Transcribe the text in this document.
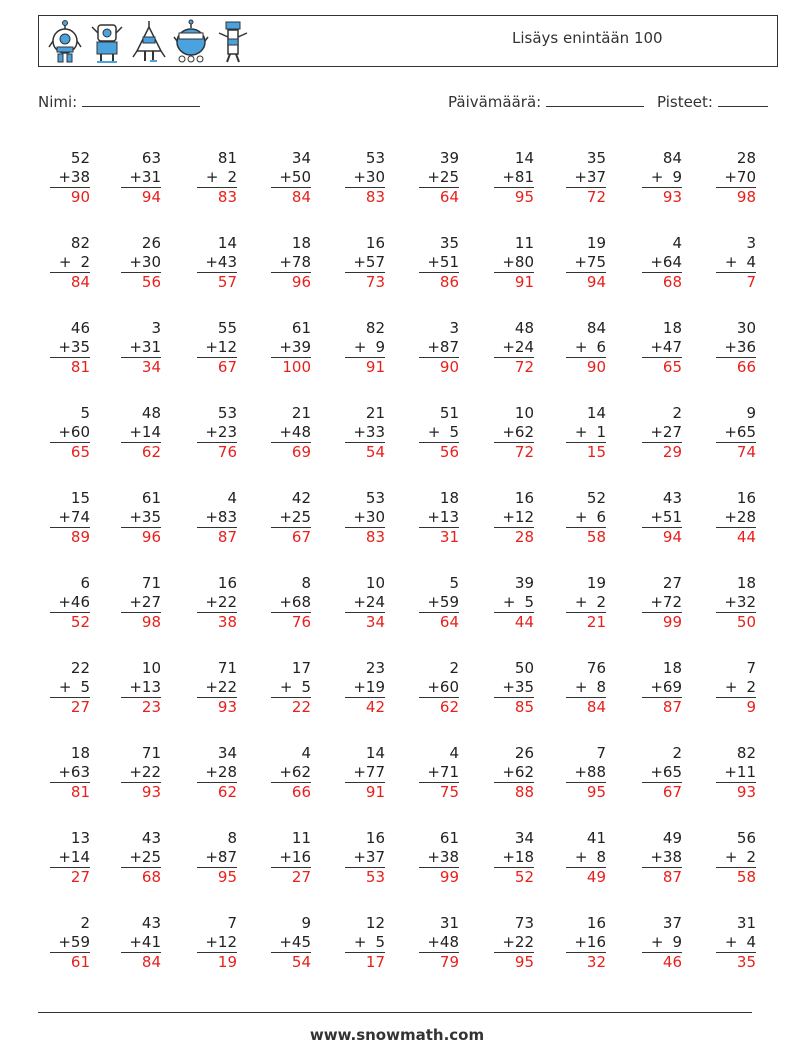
Lisäys enintään 100
Nimi:	Päivämäärä:	Pisteet:
52
+38
90
63
+31
94
81
+ 2
83
34
+50
84
53
+30
83
39
+25
64
14
+81
95
35
+37
72
84
+ 9
93
28
+70
98
82
+ 2
84
26
+30
56
14
+43
57
18
+78
96
16
+57
73
35
+51
86
11
+80
91
19
+75
94
4
+64
68
3
+ 4
7
46
+35
81
3
+31
34
55
+12
67
61
+39
100
82
+ 9
91
3
+87
90
48
+24
72
84
+ 6
90
18
+47
65
30
+36
66
5
+60
65
48
+14
62
53
+23
76
21
+48
69
21
+33
54
51
+ 5
56
10
+62
72
14
+ 1
15
2
+27
29
9
+65
74
15
+74
89
61
+35
96
4
+83
87
42
+25
67
53
+30
83
18
+13
31
16
+12
28
52
+ 6
58
43
+51
94
16
+28
44
6
+46
52
71
+27
98
16
+22
38
8
+68
76
10
+24
34
5
+59
64
39
+ 5
44
19
+ 2
21
27
+72
99
18
+32
50
22
+ 5
27
10
+13
23
71
+22
93
17
+ 5
22
23
+19
42
2
+60
62
50
+35
85
76
+ 8
84
18
+69
87
7
+ 2
9
18
+63
81
71
+22
93
34
+28
62
4
+62
66
14
+77
91
4
+71
75
26
+62
88
7
+88
95
2
+65
67
82
+11
93
13
+14
27
43
+25
68
8
+87
95
11
+16
27
16
+37
53
61
+38
99
34
+18
52
41
+ 8
49
49
+38
87
56
+ 2
58
2
+59
61
43
+41
84
7
+12
19
9
+45
54
12
+ 5
17
31
+48
79
73
+22
95
16
+16
32
37
+ 9
46
31
+ 4
35
www.snowmath.com
